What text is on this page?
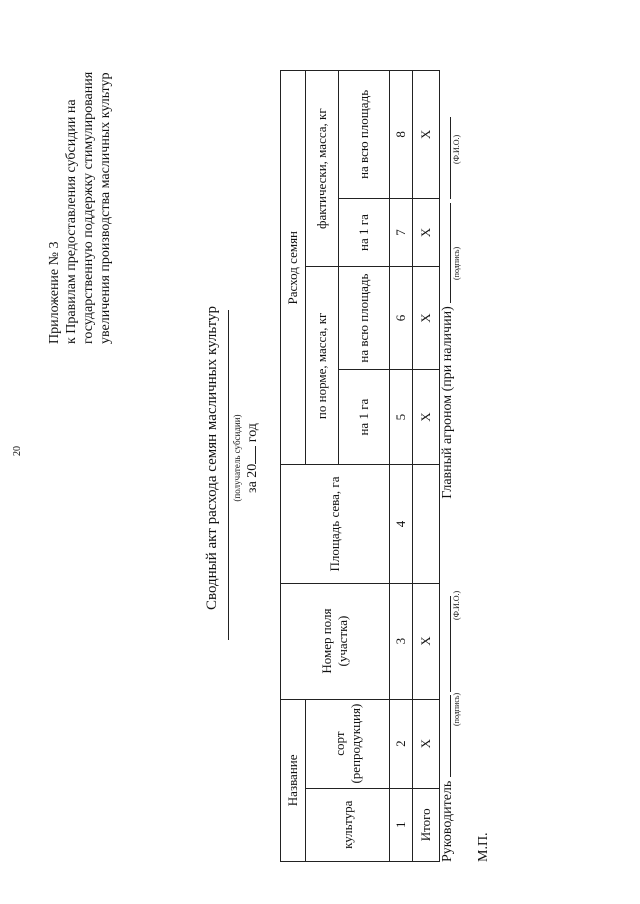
20
Приложение № 3 к Правилам предоставления субсидии на государственную поддержку стимулирования увеличения производства масличных культур
Сводный акт расхода семян масличных культур (получатель субсидии) за 20 год
Название		Номер поля (участка)	Площадь сева, га	Расход семян			
культура	сорт (репродукция)			по норме, масса, кг		фактически, масса, кг	
				на 1 га	на всю площадь	на 1 га	на всю площадь
1	2	3	4	5	6	7	8
Итого	Х	Х		Х	Х	Х	Х
Руководитель    Главный агроном (при наличии)
(подпись)
(Ф.И.О.)
(подпись)
(Ф.И.О.)
М.П.
